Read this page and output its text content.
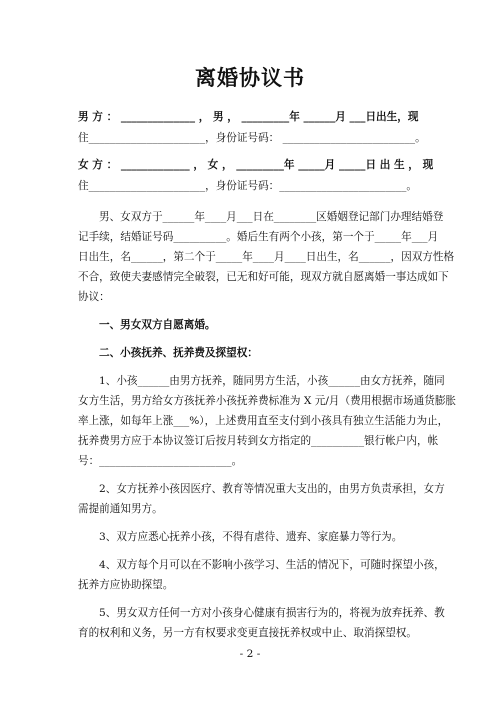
离婚协议书
男 方 ： ______________ ， 男 ， _________年 ______月 ___日出生，现
住______________________，身份证号码： _________________________。
女 方 ： _____________ ， 女 ， _________年 _____月 _____日 出 生 ， 现
住______________________，身份证号码：________________________。
男、女双方于______年____月___日在________区婚姻登记部门办理结婚登
记手续，结婚证号码__________。婚后生有两个小孩，第一个于_____年___月
日出生，名______，第二个于_____年____月____日出生，名______，因双方性格
不合，致使夫妻感情完全破裂，已无和好可能，现双方就自愿离婚一事达成如下
协议：
一、男女双方自愿离婚。
二、小孩抚养、抚养费及探望权：
1、小孩______由男方抚养，随同男方生活，小孩______由女方抚养，随同
女方生活，男方给女方孩抚养小孩抚养费标准为 X 元/月（费用根据市场通货膨胀
率上涨，如每年上涨___%），上述费用直至支付到小孩具有独立生活能力为止，
抚养费男方应于本协议签订后按月转到女方指定的__________银行帐户内，帐
号：_________________________。
2、女方抚养小孩因医疗、教育等情况重大支出的，由男方负责承担，女方
需提前通知男方。
3、双方应悉心抚养小孩，不得有虐待、遗弃、家庭暴力等行为。
4、双方每个月可以在不影响小孩学习、生活的情况下，可随时探望小孩，
抚养方应协助探望。
5、男女双方任何一方对小孩身心健康有损害行为的，将视为放弃抚养、教
育的权利和义务，另一方有权要求变更直接抚养权或中止、取消探望权。
- 2 -
